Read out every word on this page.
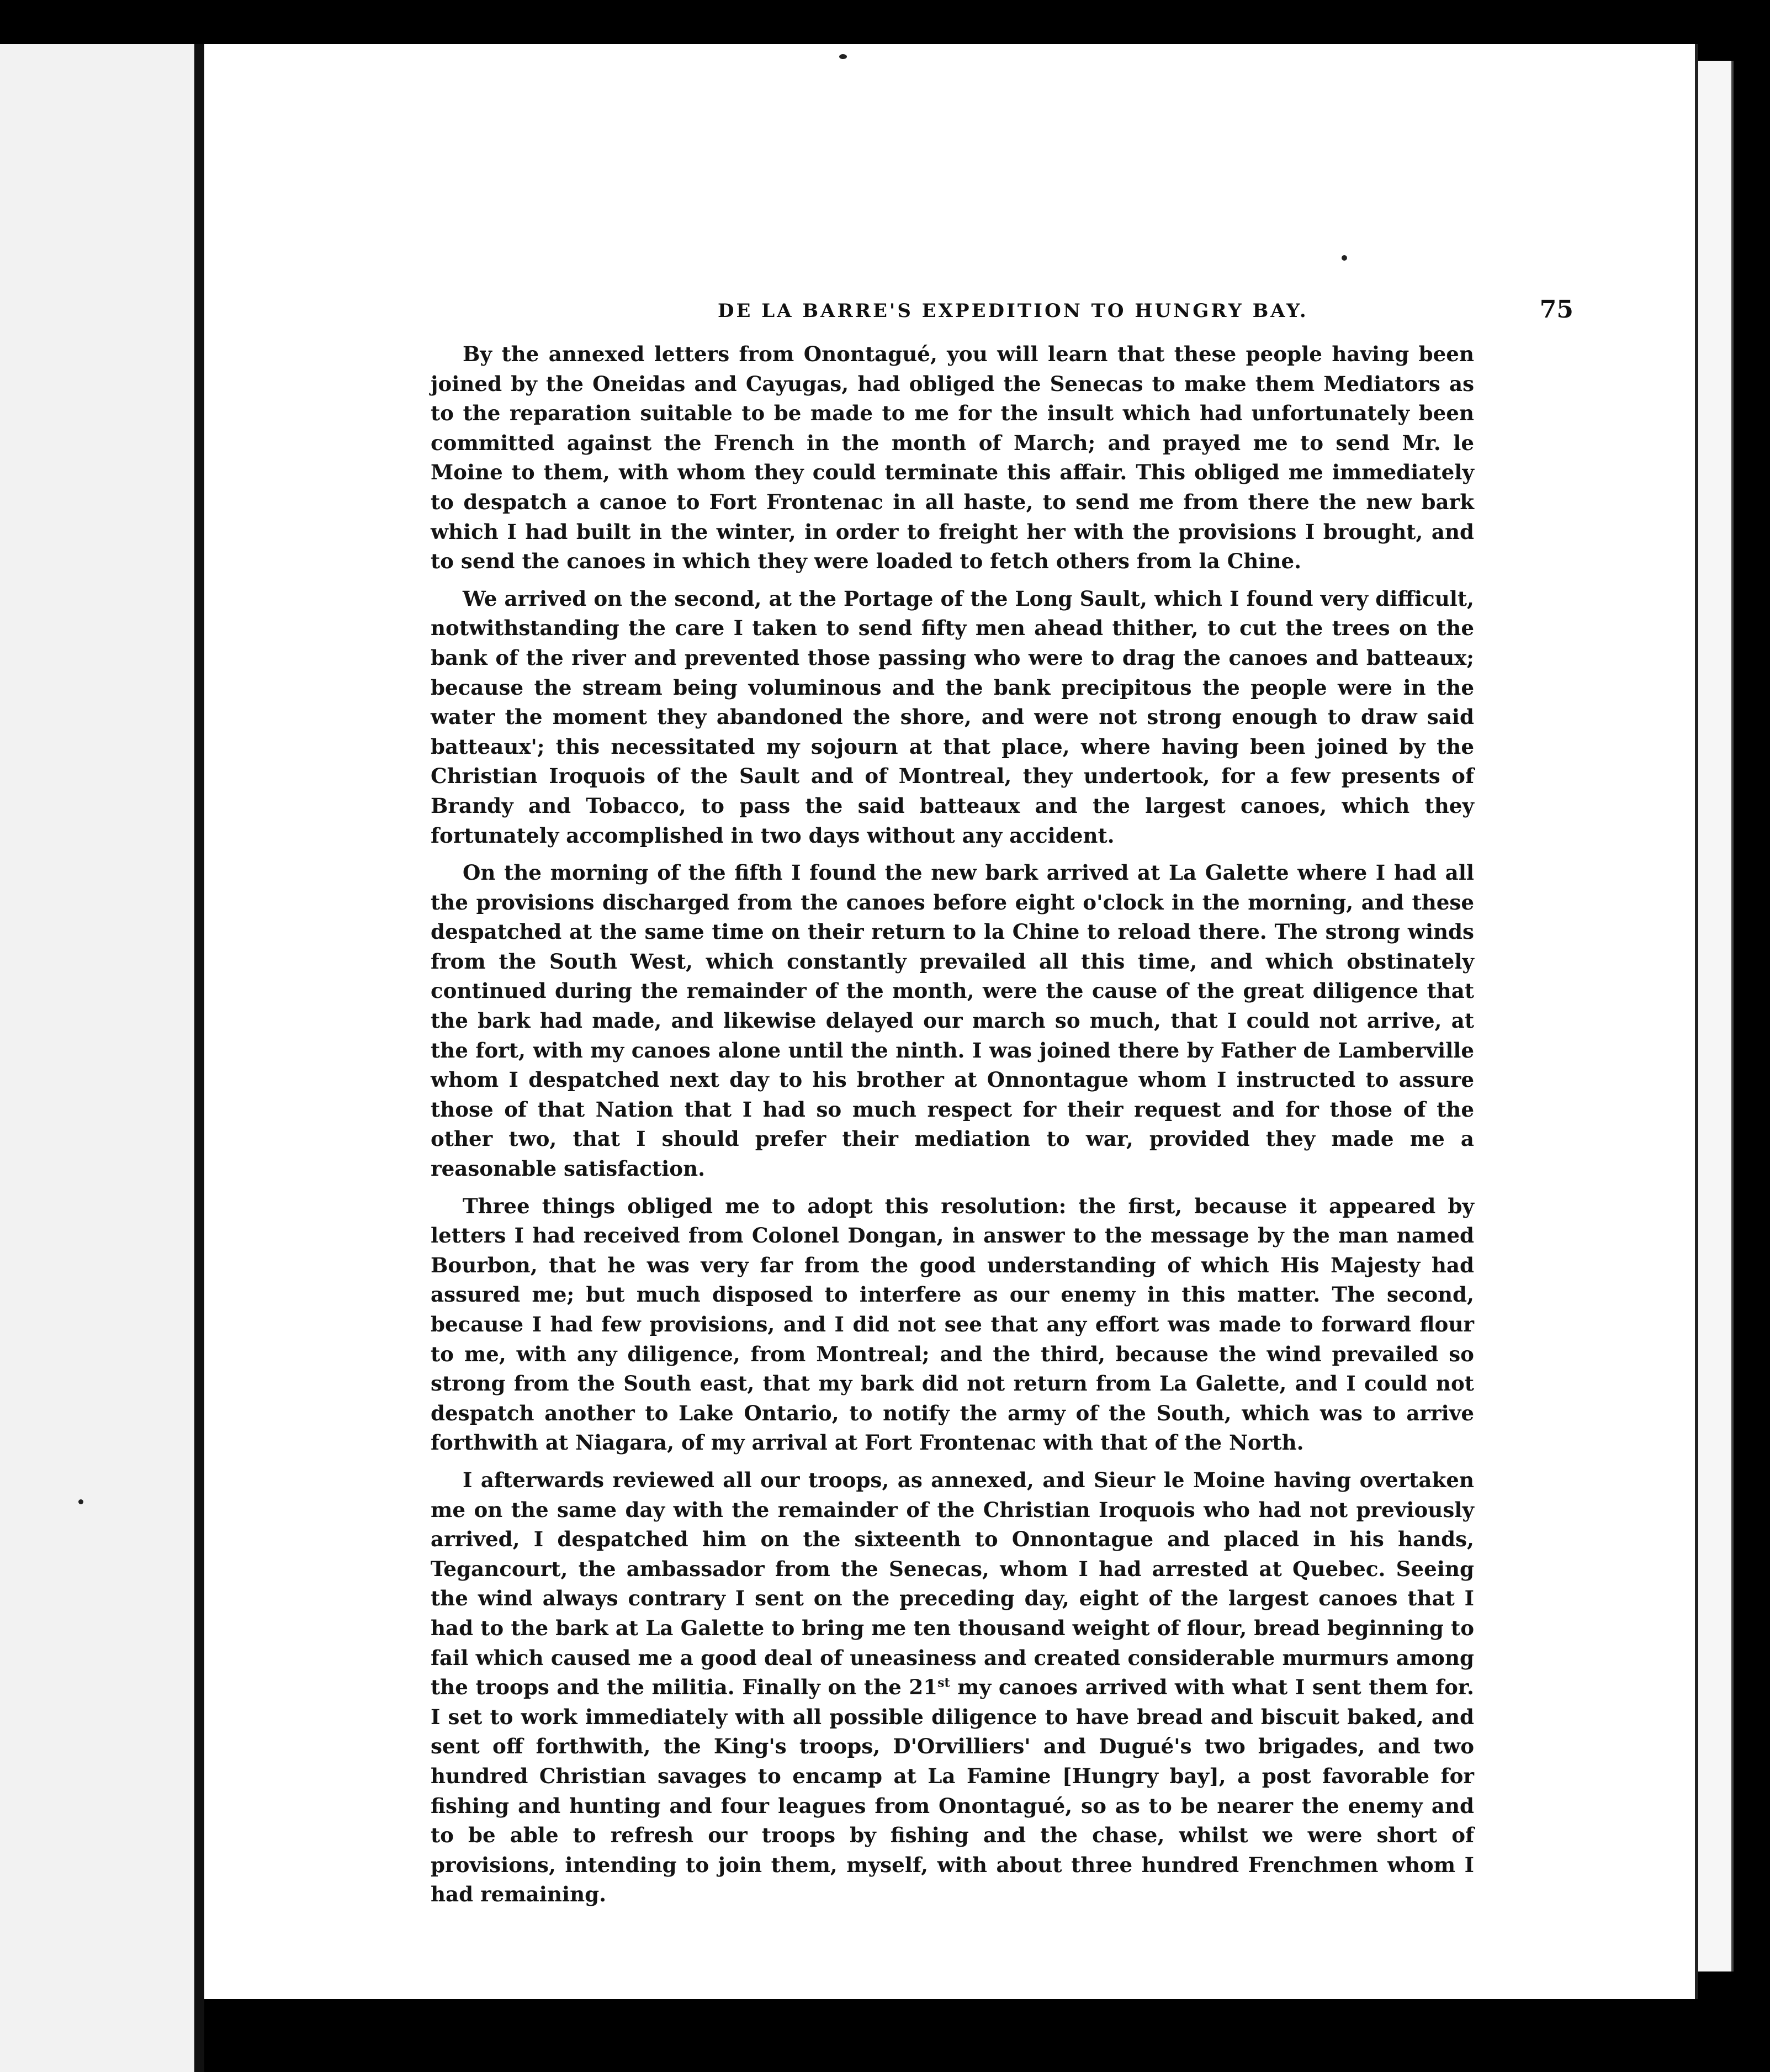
DE LA BARRE'S EXPEDITION TO HUNGRY BAY.	75

By the annexed letters from Onontagué, you will learn that these people having been joined by the Oneidas and Cayugas, had obliged the Senecas to make them Mediators as to the reparation suitable to be made to me for the insult which had unfortunately been committed against the French in the month of March; and prayed me to send Mr. le Moine to them, with whom they could terminate this affair. This obliged me immediately to despatch a canoe to Fort Frontenac in all haste, to send me from there the new bark which I had built in the winter, in order to freight her with the provisions I brought, and to send the canoes in which they were loaded to fetch others from la Chine.

We arrived on the second, at the Portage of the Long Sault, which I found very difficult, notwithstanding the care I taken to send fifty men ahead thither, to cut the trees on the bank of the river and prevented those passing who were to drag the canoes and batteaux; because the stream being voluminous and the bank precipitous the people were in the water the moment they abandoned the shore, and were not strong enough to draw said batteaux'; this necessitated my sojourn at that place, where having been joined by the Christian Iroquois of the Sault and of Montreal, they undertook, for a few presents of Brandy and Tobacco, to pass the said batteaux and the largest canoes, which they fortunately accomplished in two days without any accident.

On the morning of the fifth I found the new bark arrived at La Galette where I had all the provisions discharged from the canoes before eight o'clock in the morning, and these despatched at the same time on their return to la Chine to reload there. The strong winds from the South West, which constantly prevailed all this time, and which obstinately continued during the remainder of the month, were the cause of the great diligence that the bark had made, and likewise delayed our march so much, that I could not arrive, at the fort, with my canoes alone until the ninth. I was joined there by Father de Lamberville whom I despatched next day to his brother at Onnontague whom I instructed to assure those of that Nation that I had so much respect for their request and for those of the other two, that I should prefer their mediation to war, provided they made me a reasonable satisfaction.

Three things obliged me to adopt this resolution: the first, because it appeared by letters I had received from Colonel Dongan, in answer to the message by the man named Bourbon, that he was very far from the good understanding of which His Majesty had assured me; but much disposed to interfere as our enemy in this matter. The second, because I had few provisions, and I did not see that any effort was made to forward flour to me, with any diligence, from Montreal; and the third, because the wind prevailed so strong from the South east, that my bark did not return from La Galette, and I could not despatch another to Lake Ontario, to notify the army of the South, which was to arrive forthwith at Niagara, of my arrival at Fort Frontenac with that of the North.

I afterwards reviewed all our troops, as annexed, and Sieur le Moine having overtaken me on the same day with the remainder of the Christian Iroquois who had not previously arrived, I despatched him on the sixteenth to Onnontague and placed in his hands, Tegancourt, the ambassador from the Senecas, whom I had arrested at Quebec. Seeing the wind always contrary I sent on the preceding day, eight of the largest canoes that I had to the bark at La Galette to bring me ten thousand weight of flour, bread beginning to fail which caused me a good deal of uneasiness and created considerable murmurs among the troops and the militia. Finally on the 21st my canoes arrived with what I sent them for. I set to work immediately with all possible diligence to have bread and biscuit baked, and sent off forthwith, the King's troops, D'Orvilliers' and Dugué's two brigades, and two hundred Christian savages to encamp at La Famine [Hungry bay], a post favorable for fishing and hunting and four leagues from Onontagué, so as to be nearer the enemy and to be able to refresh our troops by fishing and the chase, whilst we were short of provisions, intending to join them, myself, with about three hundred Frenchmen whom I had remaining.
